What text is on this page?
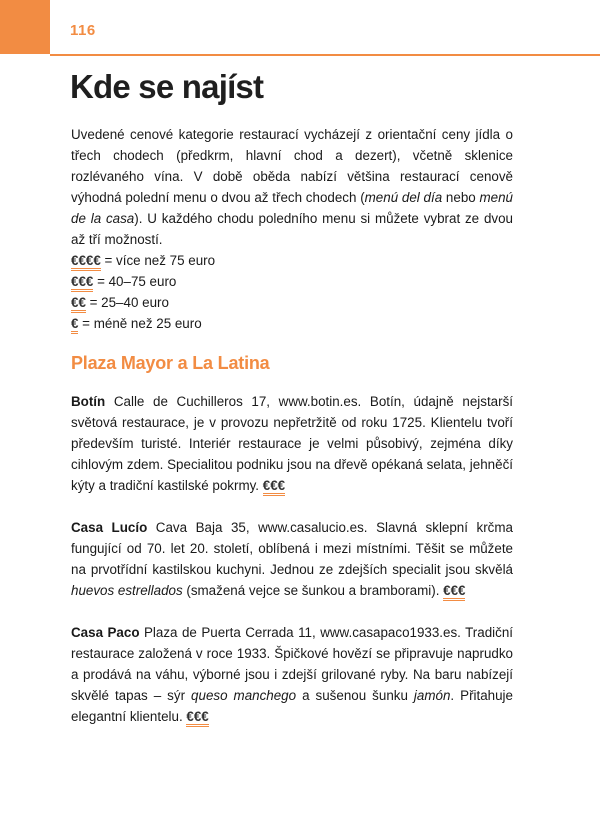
116
Kde se najíst

Uvedené cenové kategorie restaurací vycházejí z orientační ceny jídla o třech chodech (předkrm, hlavní chod a dezert), včetně sklenice rozlévaného vína. V době oběda nabízí většina restaurací cenově výhodná polední menu o dvou až třech chodech (menú del día nebo menú de la casa). U každého chodu poledního menu si můžete vybrat ze dvou až tří možností.

€€€€ = více než 75 euro
€€€ = 40–75 euro
€€ = 25–40 euro
€ = méně než 25 euro
Plaza Mayor a La Latina

Botín Calle de Cuchilleros 17, www.botin.es. Botín, údajně nejstarší světová restaurace, je v provozu nepřetržitě od roku 1725. Klientelu tvoří především turisté. Interiér restaurace je velmi působivý, zejména díky cihlovým zdem. Specialitou podniku jsou na dřevě opékaná selata, jehněčí kýty a tradiční kastilské pokrmy. €€€

Casa Lucío Cava Baja 35, www.casalucio.es. Slavná sklepní krčma fungující od 70. let 20. století, oblíbená i mezi místními. Těšit se můžete na prvotřídní kastilskou kuchyni. Jednou ze zdejších specialit jsou skvělá huevos estrellados (smažená vejce se šunkou a bramborami). €€€

Casa Paco Plaza de Puerta Cerrada 11, www.casapaco1933.es. Tradiční restaurace založená v roce 1933. Špičkové hovězí se připravuje naprudko a prodává na váhu, výborné jsou i zdejší grilované ryby. Na baru nabízejí skvělé tapas – sýr queso manchego a sušenou šunku jamón. Přitahuje elegantní klientelu. €€€
